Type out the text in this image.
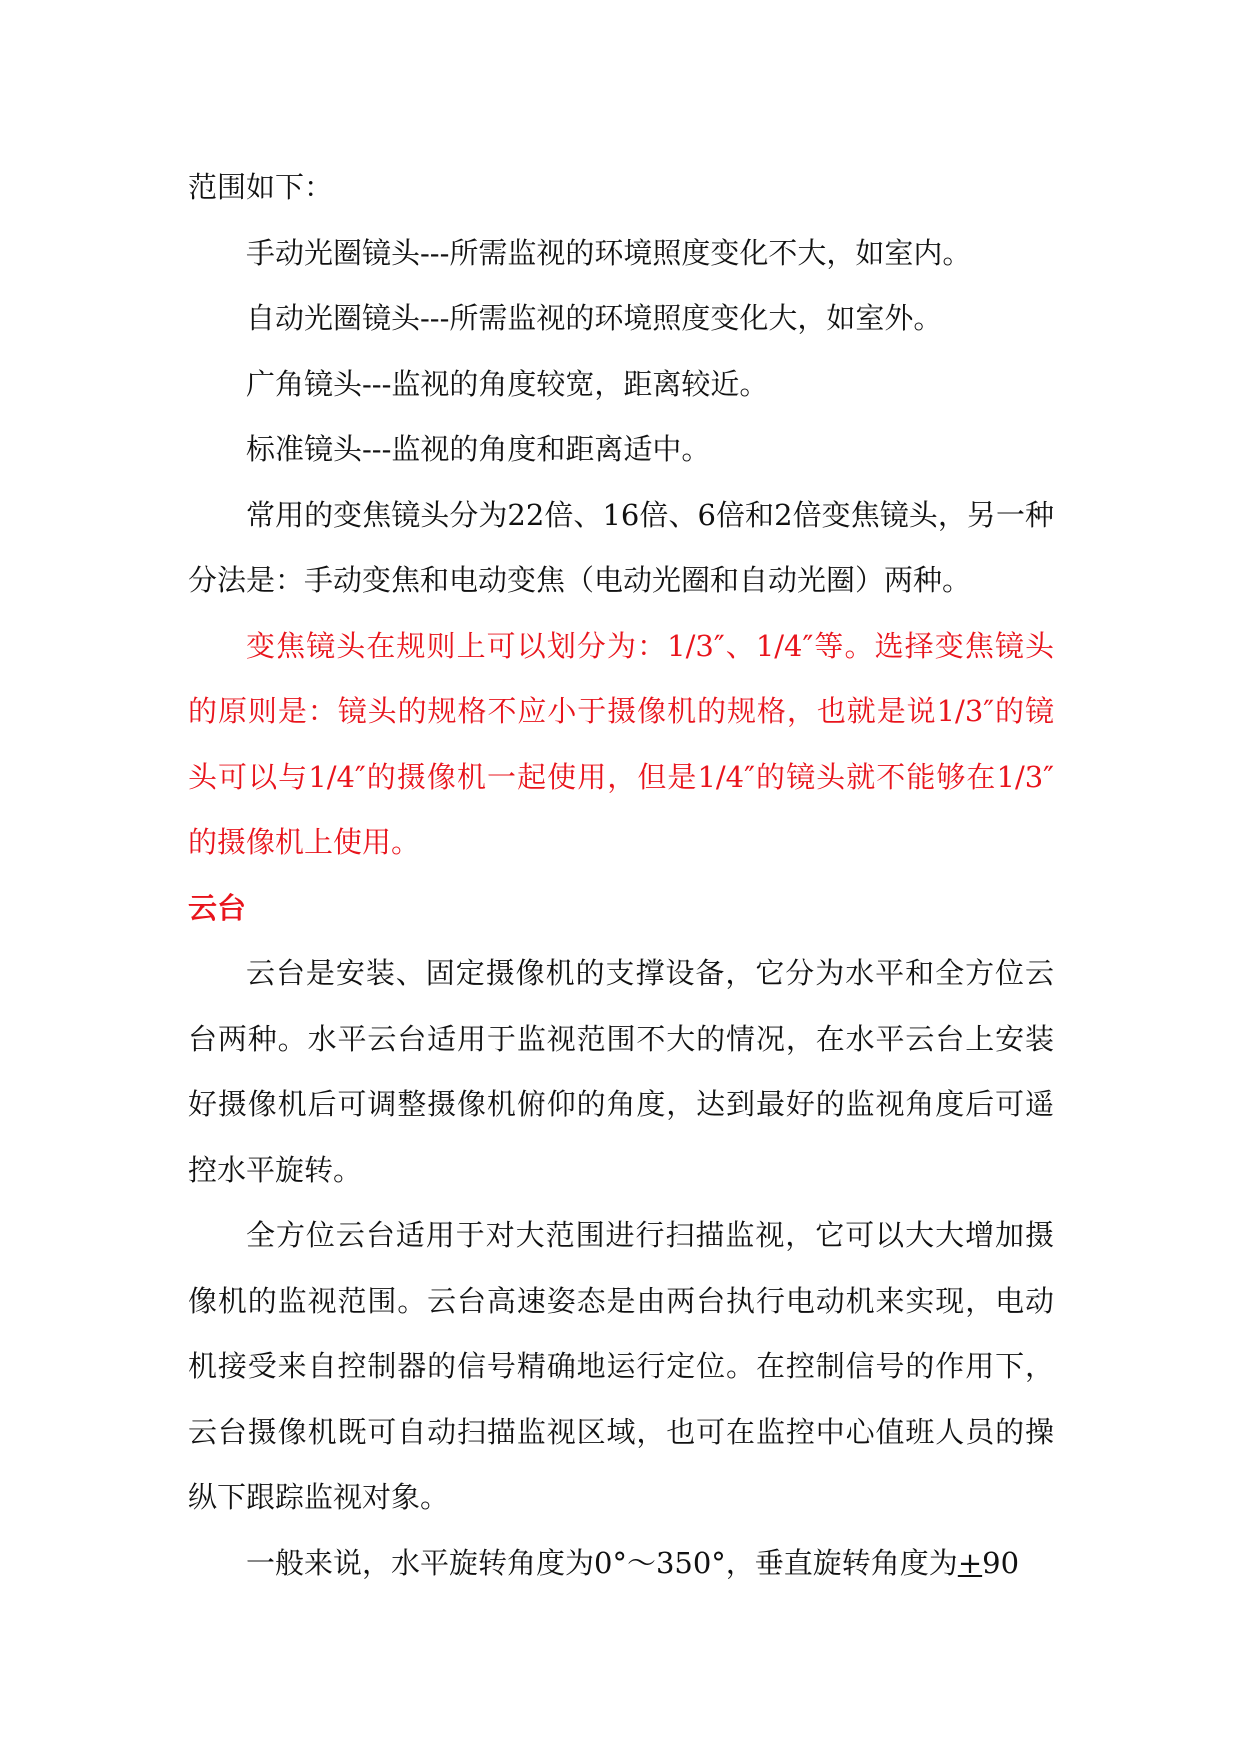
范围如下：

手动光圈镜头---所需监视的环境照度变化不大，如室内。

自动光圈镜头---所需监视的环境照度变化大，如室外。

广角镜头---监视的角度较宽，距离较近。

标准镜头---监视的角度和距离适中。

常用的变焦镜头分为22倍、16倍、6倍和2倍变焦镜头，另一种分法是：手动变焦和电动变焦（电动光圈和自动光圈）两种。

变焦镜头在规则上可以划分为：1/3″、1/4″等。选择变焦镜头的原则是：镜头的规格不应小于摄像机的规格，也就是说1/3″的镜头可以与1/4″的摄像机一起使用，但是1/4″的镜头就不能够在1/3″的摄像机上使用。

云台

云台是安装、固定摄像机的支撑设备，它分为水平和全方位云台两种。水平云台适用于监视范围不大的情况，在水平云台上安装好摄像机后可调整摄像机俯仰的角度，达到最好的监视角度后可遥控水平旋转。

全方位云台适用于对大范围进行扫描监视，它可以大大增加摄像机的监视范围。云台高速姿态是由两台执行电动机来实现，电动机接受来自控制器的信号精确地运行定位。在控制信号的作用下，云台摄像机既可自动扫描监视区域，也可在监控中心值班人员的操纵下跟踪监视对象。

一般来说，水平旋转角度为0°～350°，垂直旋转角度为+90
